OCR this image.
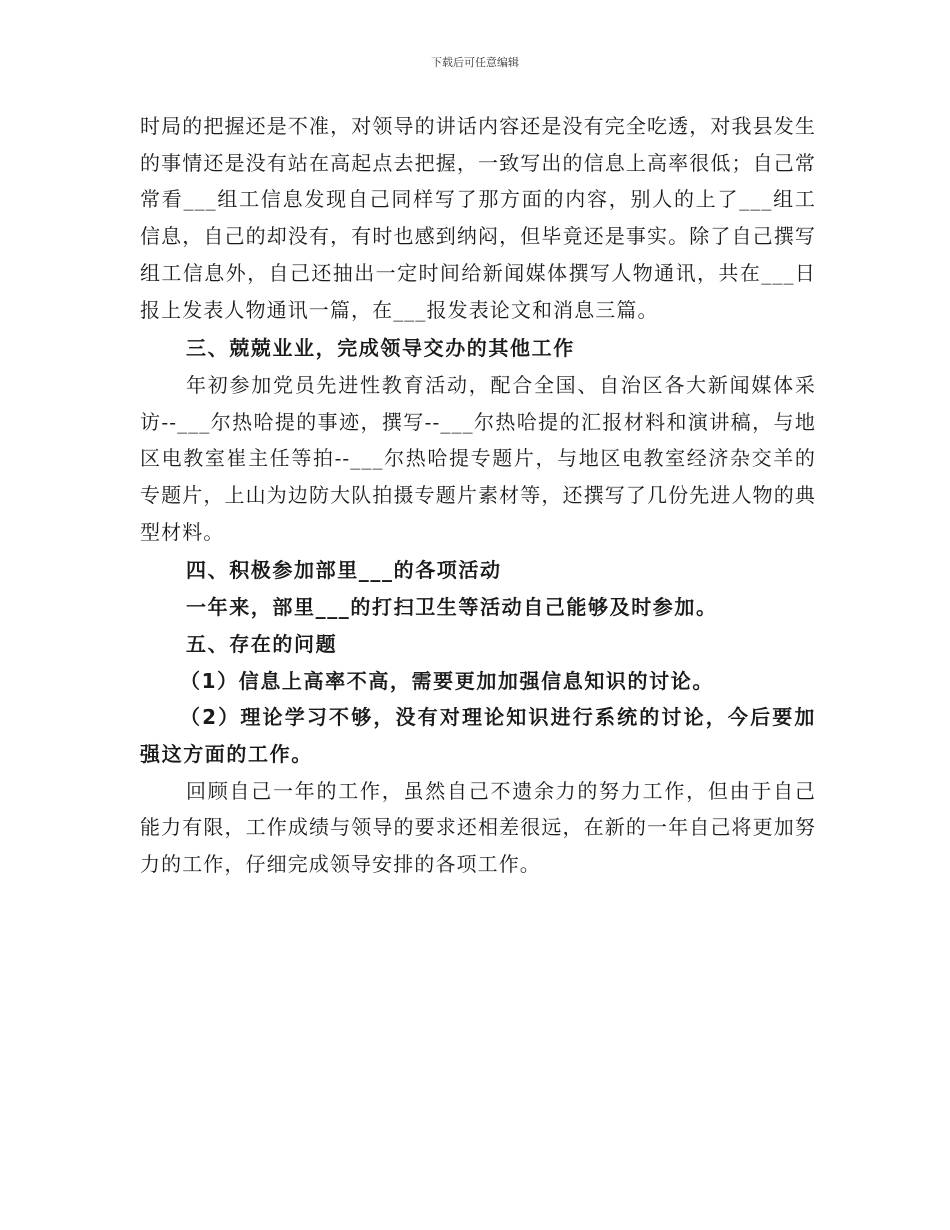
下载后可任意编辑

时局的把握还是不准，对领导的讲话内容还是没有完全吃透，对我县发生的事情还是没有站在高起点去把握，一致写出的信息上高率很低；自己常常看___组工信息发现自己同样写了那方面的内容，别人的上了___组工信息，自己的却没有，有时也感到纳闷，但毕竟还是事实。除了自己撰写组工信息外，自己还抽出一定时间给新闻媒体撰写人物通讯，共在___日报上发表人物通讯一篇，在___报发表论文和消息三篇。

三、兢兢业业，完成领导交办的其他工作

年初参加党员先进性教育活动，配合全国、自治区各大新闻媒体采访--___尔热哈提的事迹，撰写--___尔热哈提的汇报材料和演讲稿，与地区电教室崔主任等拍--___尔热哈提专题片，与地区电教室经济杂交羊的专题片，上山为边防大队拍摄专题片素材等，还撰写了几份先进人物的典型材料。

四、积极参加部里___的各项活动

一年来，部里___的打扫卫生等活动自己能够及时参加。

五、存在的问题

（1）信息上高率不高，需要更加加强信息知识的讨论。

（2）理论学习不够，没有对理论知识进行系统的讨论，今后要加强这方面的工作。

回顾自己一年的工作，虽然自己不遗余力的努力工作，但由于自己能力有限，工作成绩与领导的要求还相差很远，在新的一年自己将更加努力的工作，仔细完成领导安排的各项工作。
